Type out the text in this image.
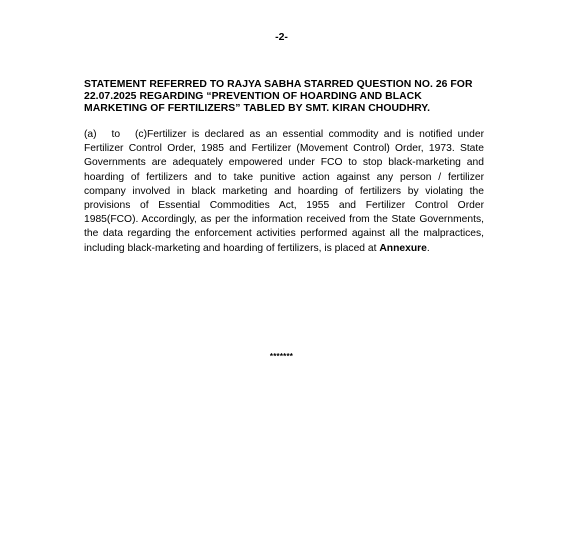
-2-
STATEMENT REFERRED TO RAJYA SABHA STARRED QUESTION NO. 26 FOR
22.07.2025 REGARDING “PREVENTION OF HOARDING AND BLACK
MARKETING OF FERTILIZERS” TABLED BY SMT. KIRAN CHOUDHRY.
(a) to (c)Fertilizer is declared as an essential commodity and is notified under
Fertilizer Control Order, 1985 and Fertilizer (Movement Control) Order, 1973. State
Governments are adequately empowered under FCO to stop black-marketing and
hoarding of fertilizers and to take punitive action against any person / fertilizer
company involved in black marketing and hoarding of fertilizers by violating the
provisions of Essential Commodities Act, 1955 and Fertilizer Control Order
1985(FCO). Accordingly, as per the information received from the State Governments,
the data regarding the enforcement activities performed against all the malpractices,
including black-marketing and hoarding of fertilizers, is placed at Annexure.
*******
